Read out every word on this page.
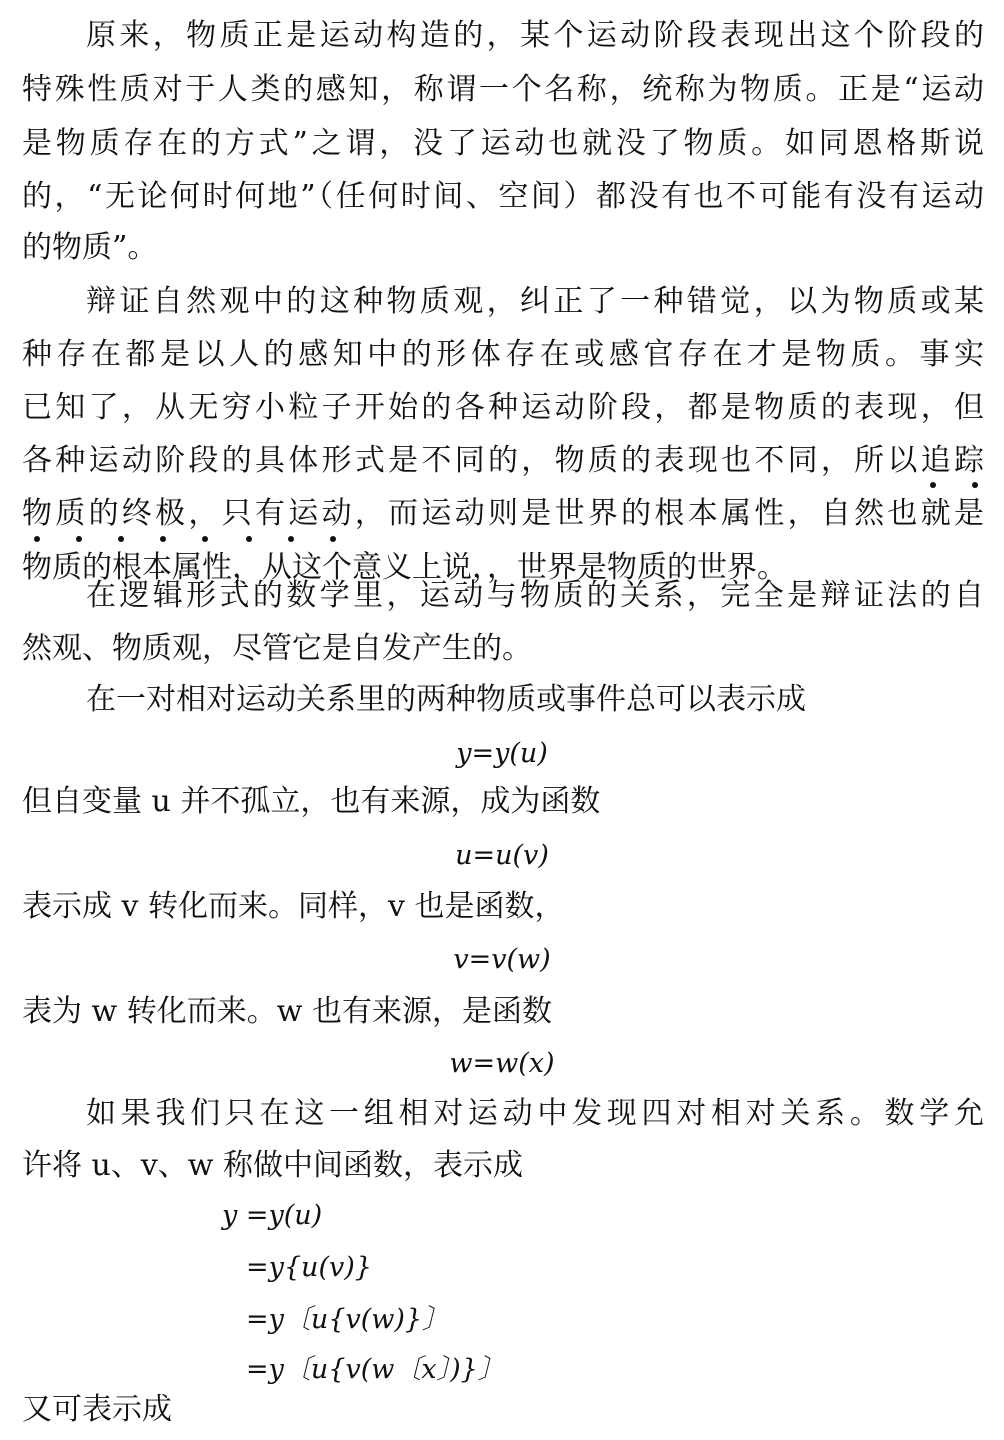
原来，物质正是运动构造的，某个运动阶段表现出这个阶段的
特殊性质对于人类的感知，称谓一个名称，统称为物质。正是“运动
是物质存在的方式”之谓，没了运动也就没了物质。如同恩格斯说
的，“无论何时何地”（任何时间、空间）都没有也不可能有没有运动
的物质”。
辩证自然观中的这种物质观，纠正了一种错觉，以为物质或某
种存在都是以人的感知中的形体存在或感官存在才是物质。事实
已知了，从无穷小粒子开始的各种运动阶段，都是物质的表现，但
各种运动阶段的具体形式是不同的，物质的表现也不同，所以追踪
物质的终极，只有运动，而运动则是世界的根本属性，自然也就是
物质的根本属性，从这个意义上说，，世界是物质的世界。
在逻辑形式的数学里，运动与物质的关系，完全是辩证法的自
然观、物质观，尽管它是自发产生的。
在一对相对运动关系里的两种物质或事件总可以表示成
y=y(u)
但自变量 u 并不孤立，也有来源，成为函数
u=u(v)
表示成 v 转化而来。同样，v 也是函数，
v=v(w)
表为 w 转化而来。w 也有来源，是函数
w=w(x)
如果我们只在这一组相对运动中发现四对相对关系。数学允
许将 u、v、w 称做中间函数，表示成
y =y(u)
=y{u(v)}
=y〔u{v(w)}〕
=y〔u{v(w〔x〕)}〕
又可表示成
